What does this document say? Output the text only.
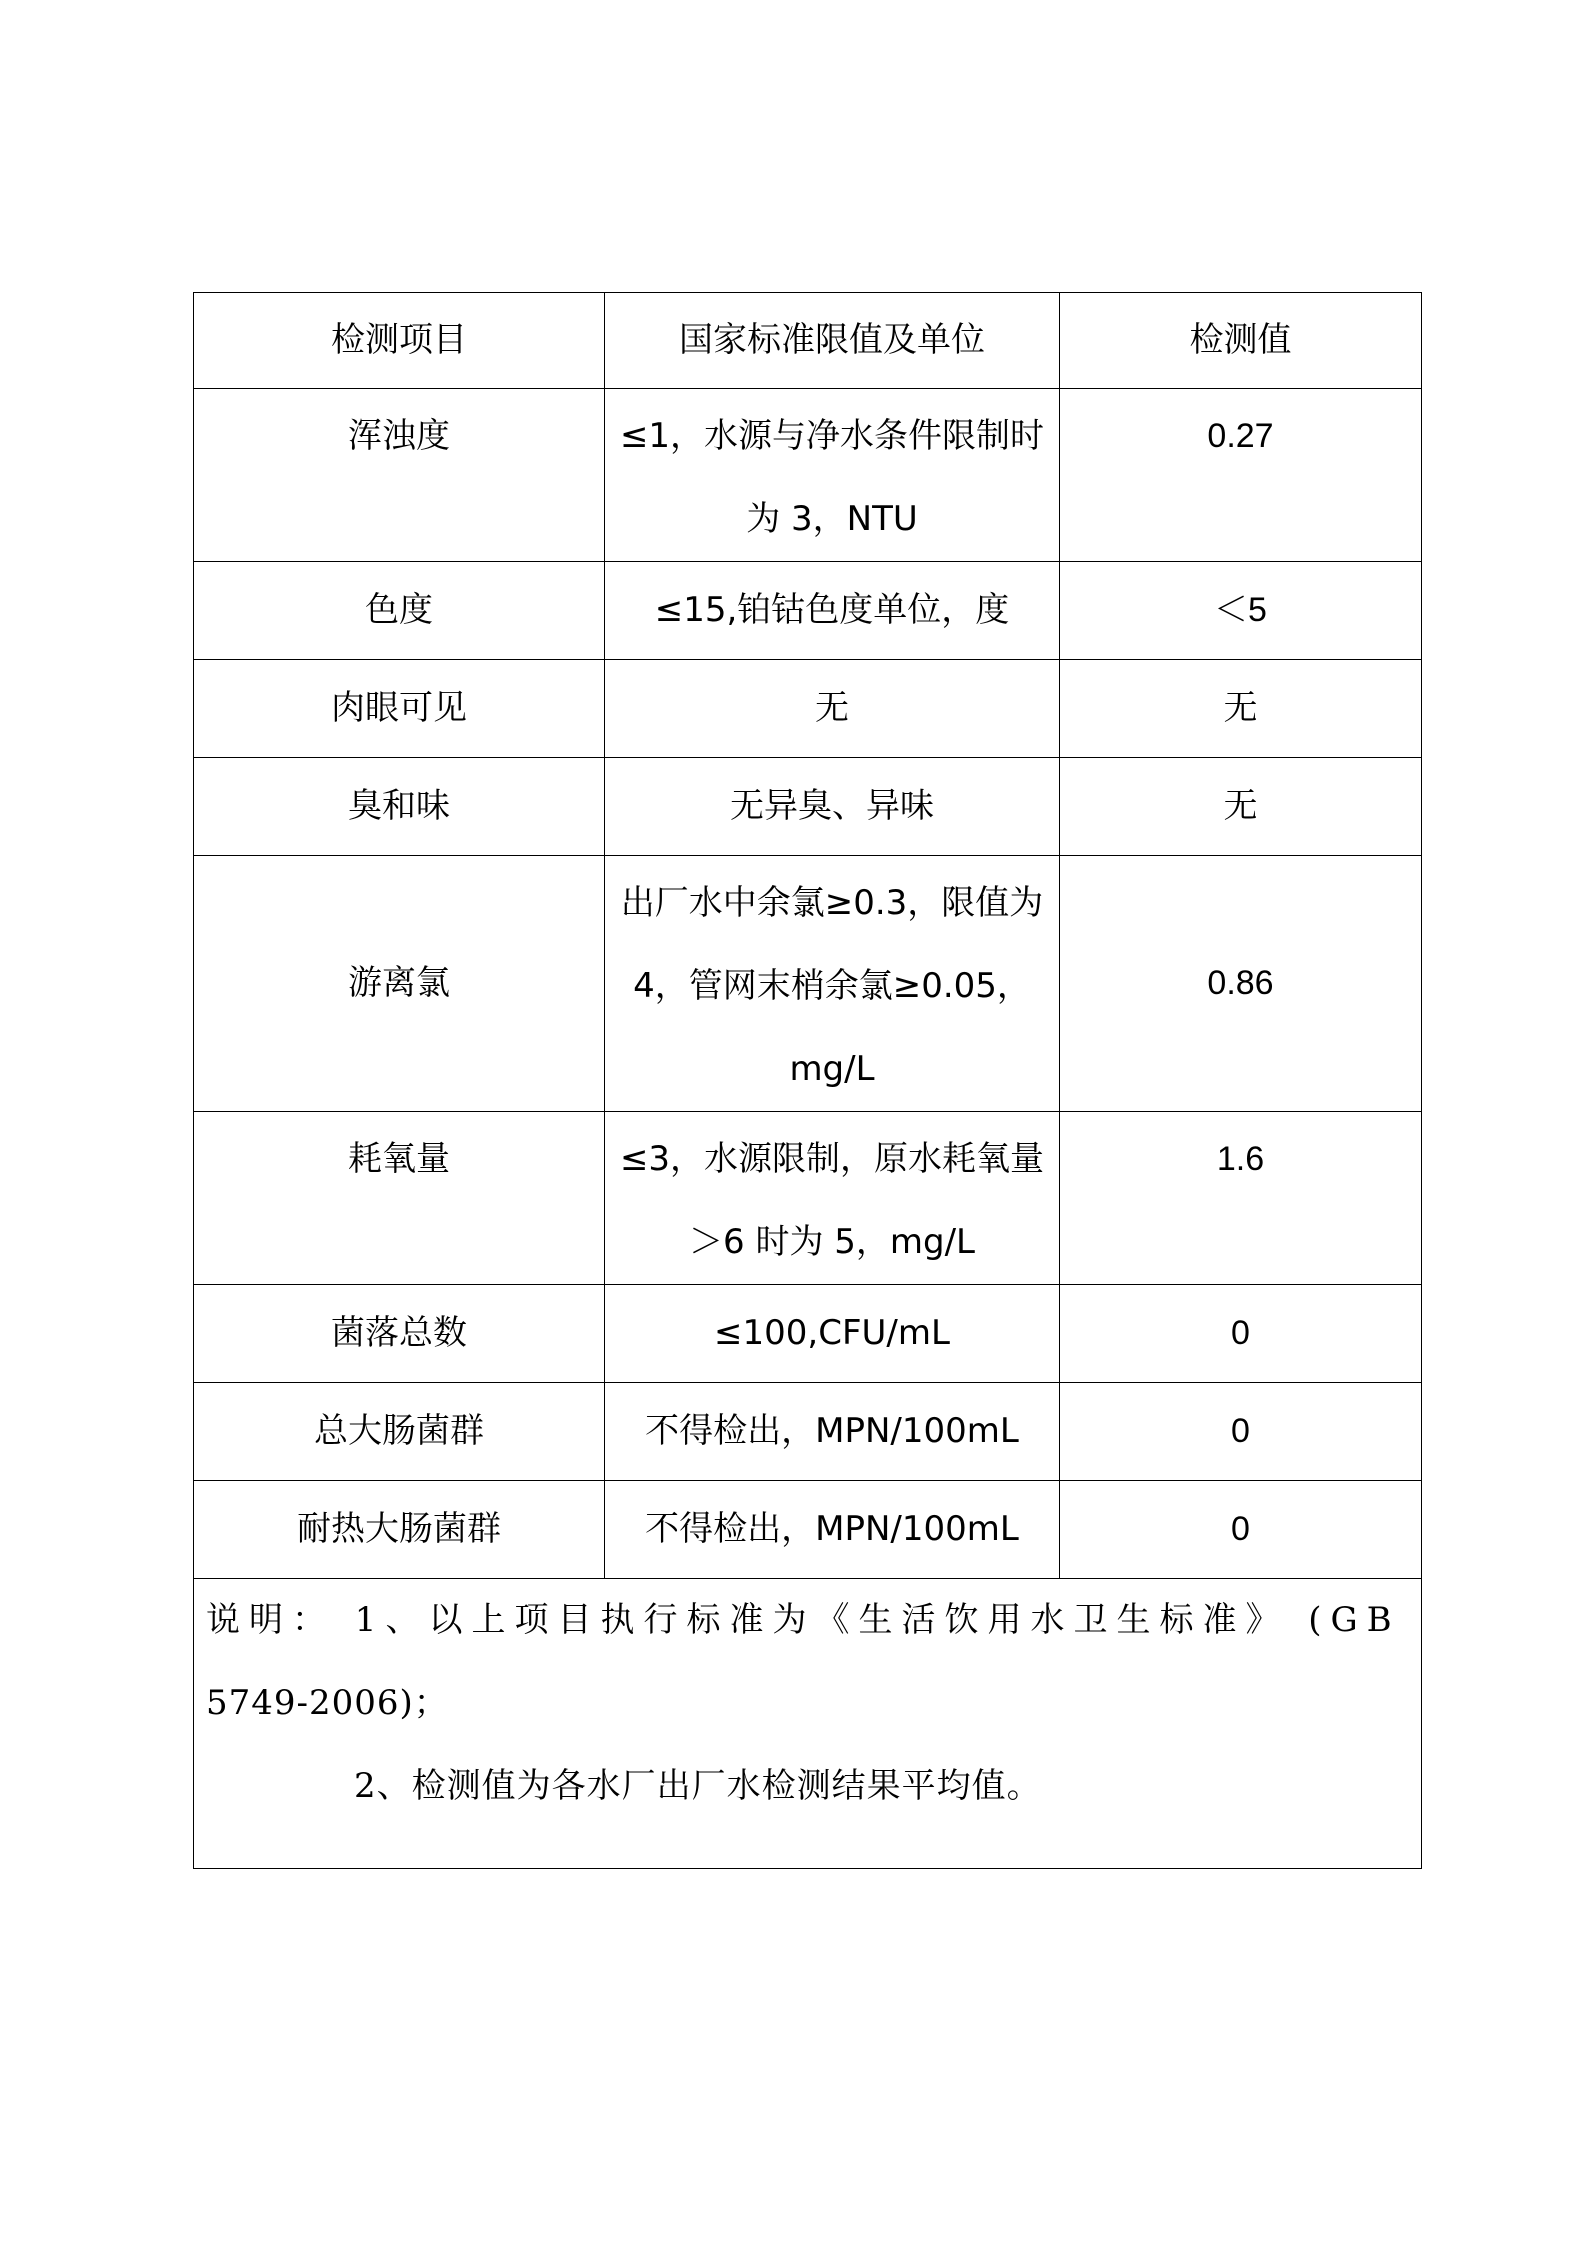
检测项目	国家标准限值及单位	检测值
浑浊度	≤1，水源与净水条件限制时为 3，NTU	0.27
色度	≤15,铂钴色度单位，度	＜5
肉眼可见	无	无
臭和味	无异臭、异味	无
游离氯	出厂水中余氯≥0.3，限值为 4，管网末梢余氯≥0.05，mg/L	0.86
耗氧量	≤3，水源限制，原水耗氧量＞6 时为 5，mg/L	1.6
菌落总数	≤100,CFU/mL	0
总大肠菌群	不得检出，MPN/100mL	0
耐热大肠菌群	不得检出，MPN/100mL	0

说明： 1、以上项目执行标准为《生活饮用水卫生标准》 (GB
5749-2006)；
2、检测值为各水厂出厂水检测结果平均值。		
